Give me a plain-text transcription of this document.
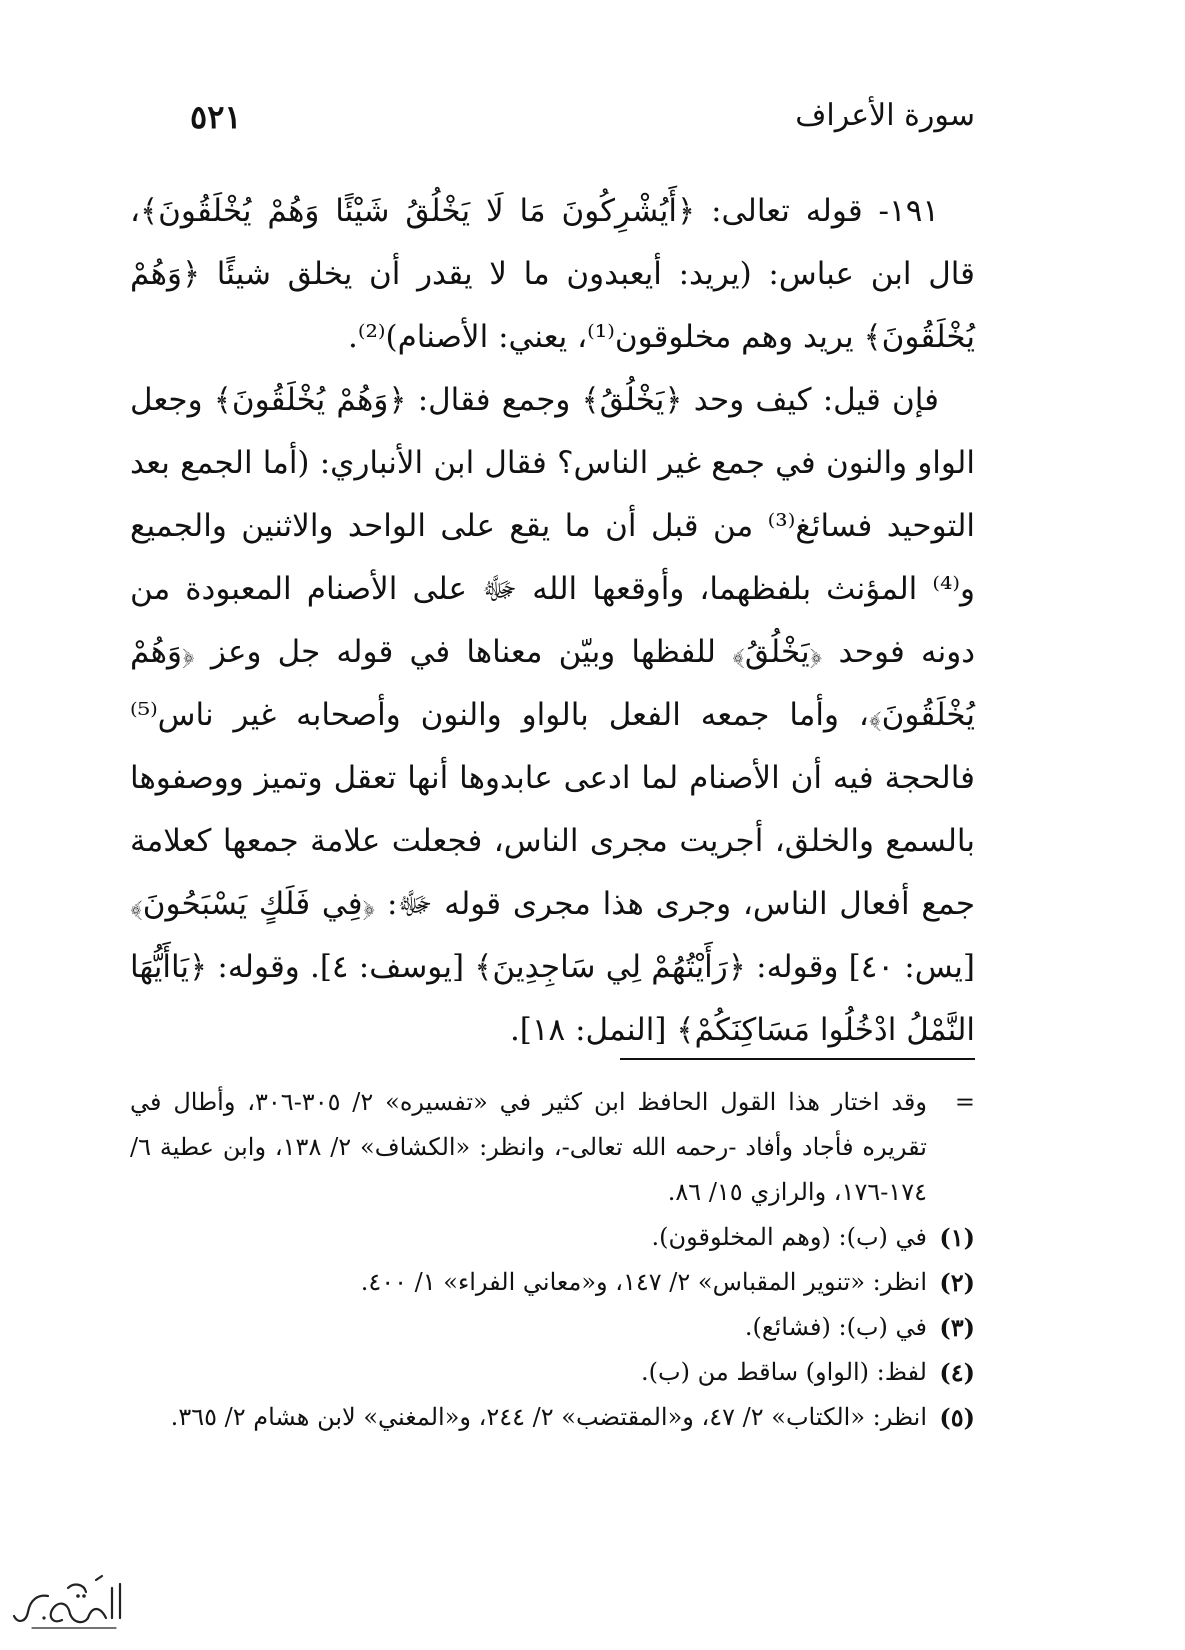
سورة الأعراف
٥٢١

١٩١- قوله تعالى: ﴿أَيُشْرِكُونَ مَا لَا يَخْلُقُ شَيْئًا وَهُمْ يُخْلَقُونَ﴾، قال ابن عباس: (يريد: أيعبدون ما لا يقدر أن يخلق شيئًا ﴿وَهُمْ يُخْلَقُونَ﴾ يريد وهم مخلوقون⁽¹⁾، يعني: الأصنام)⁽²⁾.

فإن قيل: كيف وحد ﴿يَخْلُقُ﴾ وجمع فقال: ﴿وَهُمْ يُخْلَقُونَ﴾ وجعل الواو والنون في جمع غير الناس؟ فقال ابن الأنباري: (أما الجمع بعد التوحيد فسائغ⁽³⁾ من قبل أن ما يقع على الواحد والاثنين والجميع و⁽⁴⁾ المؤنث بلفظهما، وأوقعها الله ﷻ على الأصنام المعبودة من دونه فوحد ﴿يَخْلُقُ﴾ للفظها وبيّن معناها في قوله جل وعز ﴿وَهُمْ يُخْلَقُونَ﴾، وأما جمعه الفعل بالواو والنون وأصحابه غير ناس⁽⁵⁾ فالحجة فيه أن الأصنام لما ادعى عابدوها أنها تعقل وتميز ووصفوها بالسمع والخلق، أجريت مجرى الناس، فجعلت علامة جمعها كعلامة جمع أفعال الناس، وجرى هذا مجرى قوله ﷻ: ﴿فِي فَلَكٍ يَسْبَحُونَ﴾ [يس: ٤٠] وقوله: ﴿رَأَيْتُهُمْ لِي سَاجِدِينَ﴾ [يوسف: ٤]. وقوله: ﴿يَاأَيُّهَا النَّمْلُ ادْخُلُوا مَسَاكِنَكُمْ﴾ [النمل: ١٨].

=
وقد اختار هذا القول الحافظ ابن كثير في «تفسيره» ٢/ ٣٠٥-٣٠٦، وأطال في تقريره فأجاد وأفاد -رحمه الله تعالى-، وانظر: «الكشاف» ٢/ ١٣٨، وابن عطية ٦/ ١٧٤-١٧٦، والرازي ١٥/ ٨٦.
(١)
في (ب): (وهم المخلوقون).
(٢)
انظر: «تنوير المقباس» ٢/ ١٤٧، و«معاني الفراء» ١/ ٤٠٠.
(٣)
في (ب): (فشائع).
(٤)
لفظ: (الواو) ساقط من (ب).
(٥)
انظر: «الكتاب» ٢/ ٤٧، و«المقتضب» ٢/ ٢٤٤، و«المغني» لابن هشام ٢/ ٣٦٥.
